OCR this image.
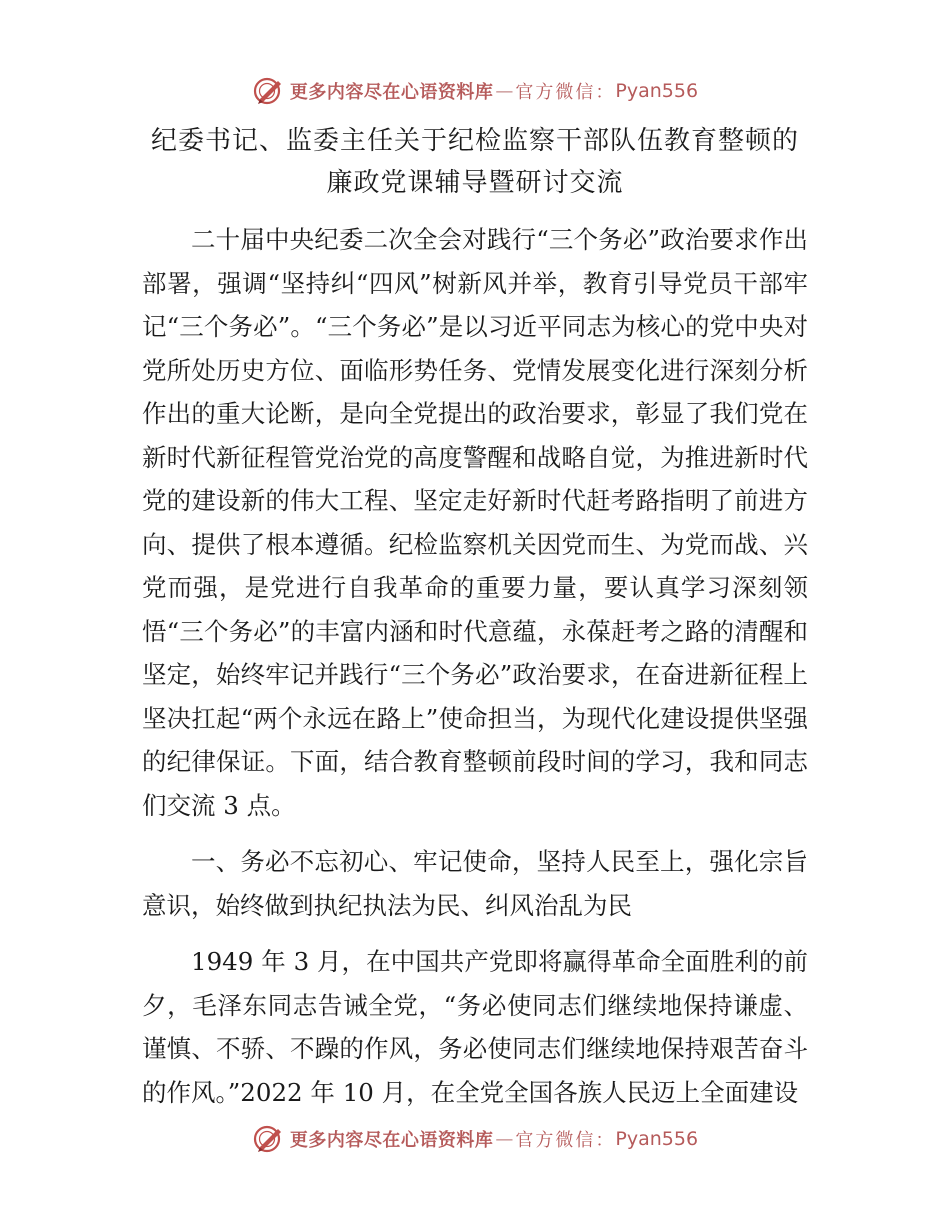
更多内容尽在心语资料库 — 官方微信： Pyan556
纪委书记、监委主任关于纪检监察干部队伍教育整顿的廉政党课辅导暨研讨交流

二十届中央纪委二次全会对践行“三个务必”政治要求作出部署，强调“坚持纠“四风”树新风并举，教育引导党员干部牢记“三个务必”。“三个务必”是以习近平同志为核心的党中央对党所处历史方位、面临形势任务、党情发展变化进行深刻分析作出的重大论断，是向全党提出的政治要求，彰显了我们党在新时代新征程管党治党的高度警醒和战略自觉，为推进新时代党的建设新的伟大工程、坚定走好新时代赶考路指明了前进方向、提供了根本遵循。纪检监察机关因党而生、为党而战、兴党而强，是党进行自我革命的重要力量，要认真学习深刻领悟“三个务必”的丰富内涵和时代意蕴，永葆赶考之路的清醒和坚定，始终牢记并践行“三个务必”政治要求，在奋进新征程上坚决扛起“两个永远在路上”使命担当，为现代化建设提供坚强的纪律保证。下面，结合教育整顿前段时间的学习，我和同志们交流 3 点。

一、务必不忘初心、牢记使命，坚持人民至上，强化宗旨意识，始终做到执纪执法为民、纠风治乱为民

1949 年 3 月，在中国共产党即将赢得革命全面胜利的前夕，毛泽东同志告诫全党，“务必使同志们继续地保持谦虚、谨慎、不骄、不躁的作风，务必使同志们继续地保持艰苦奋斗的作风。”2022 年 10 月，在全党全国各族人民迈上全面建设

更多内容尽在心语资料库 — 官方微信： Pyan556
